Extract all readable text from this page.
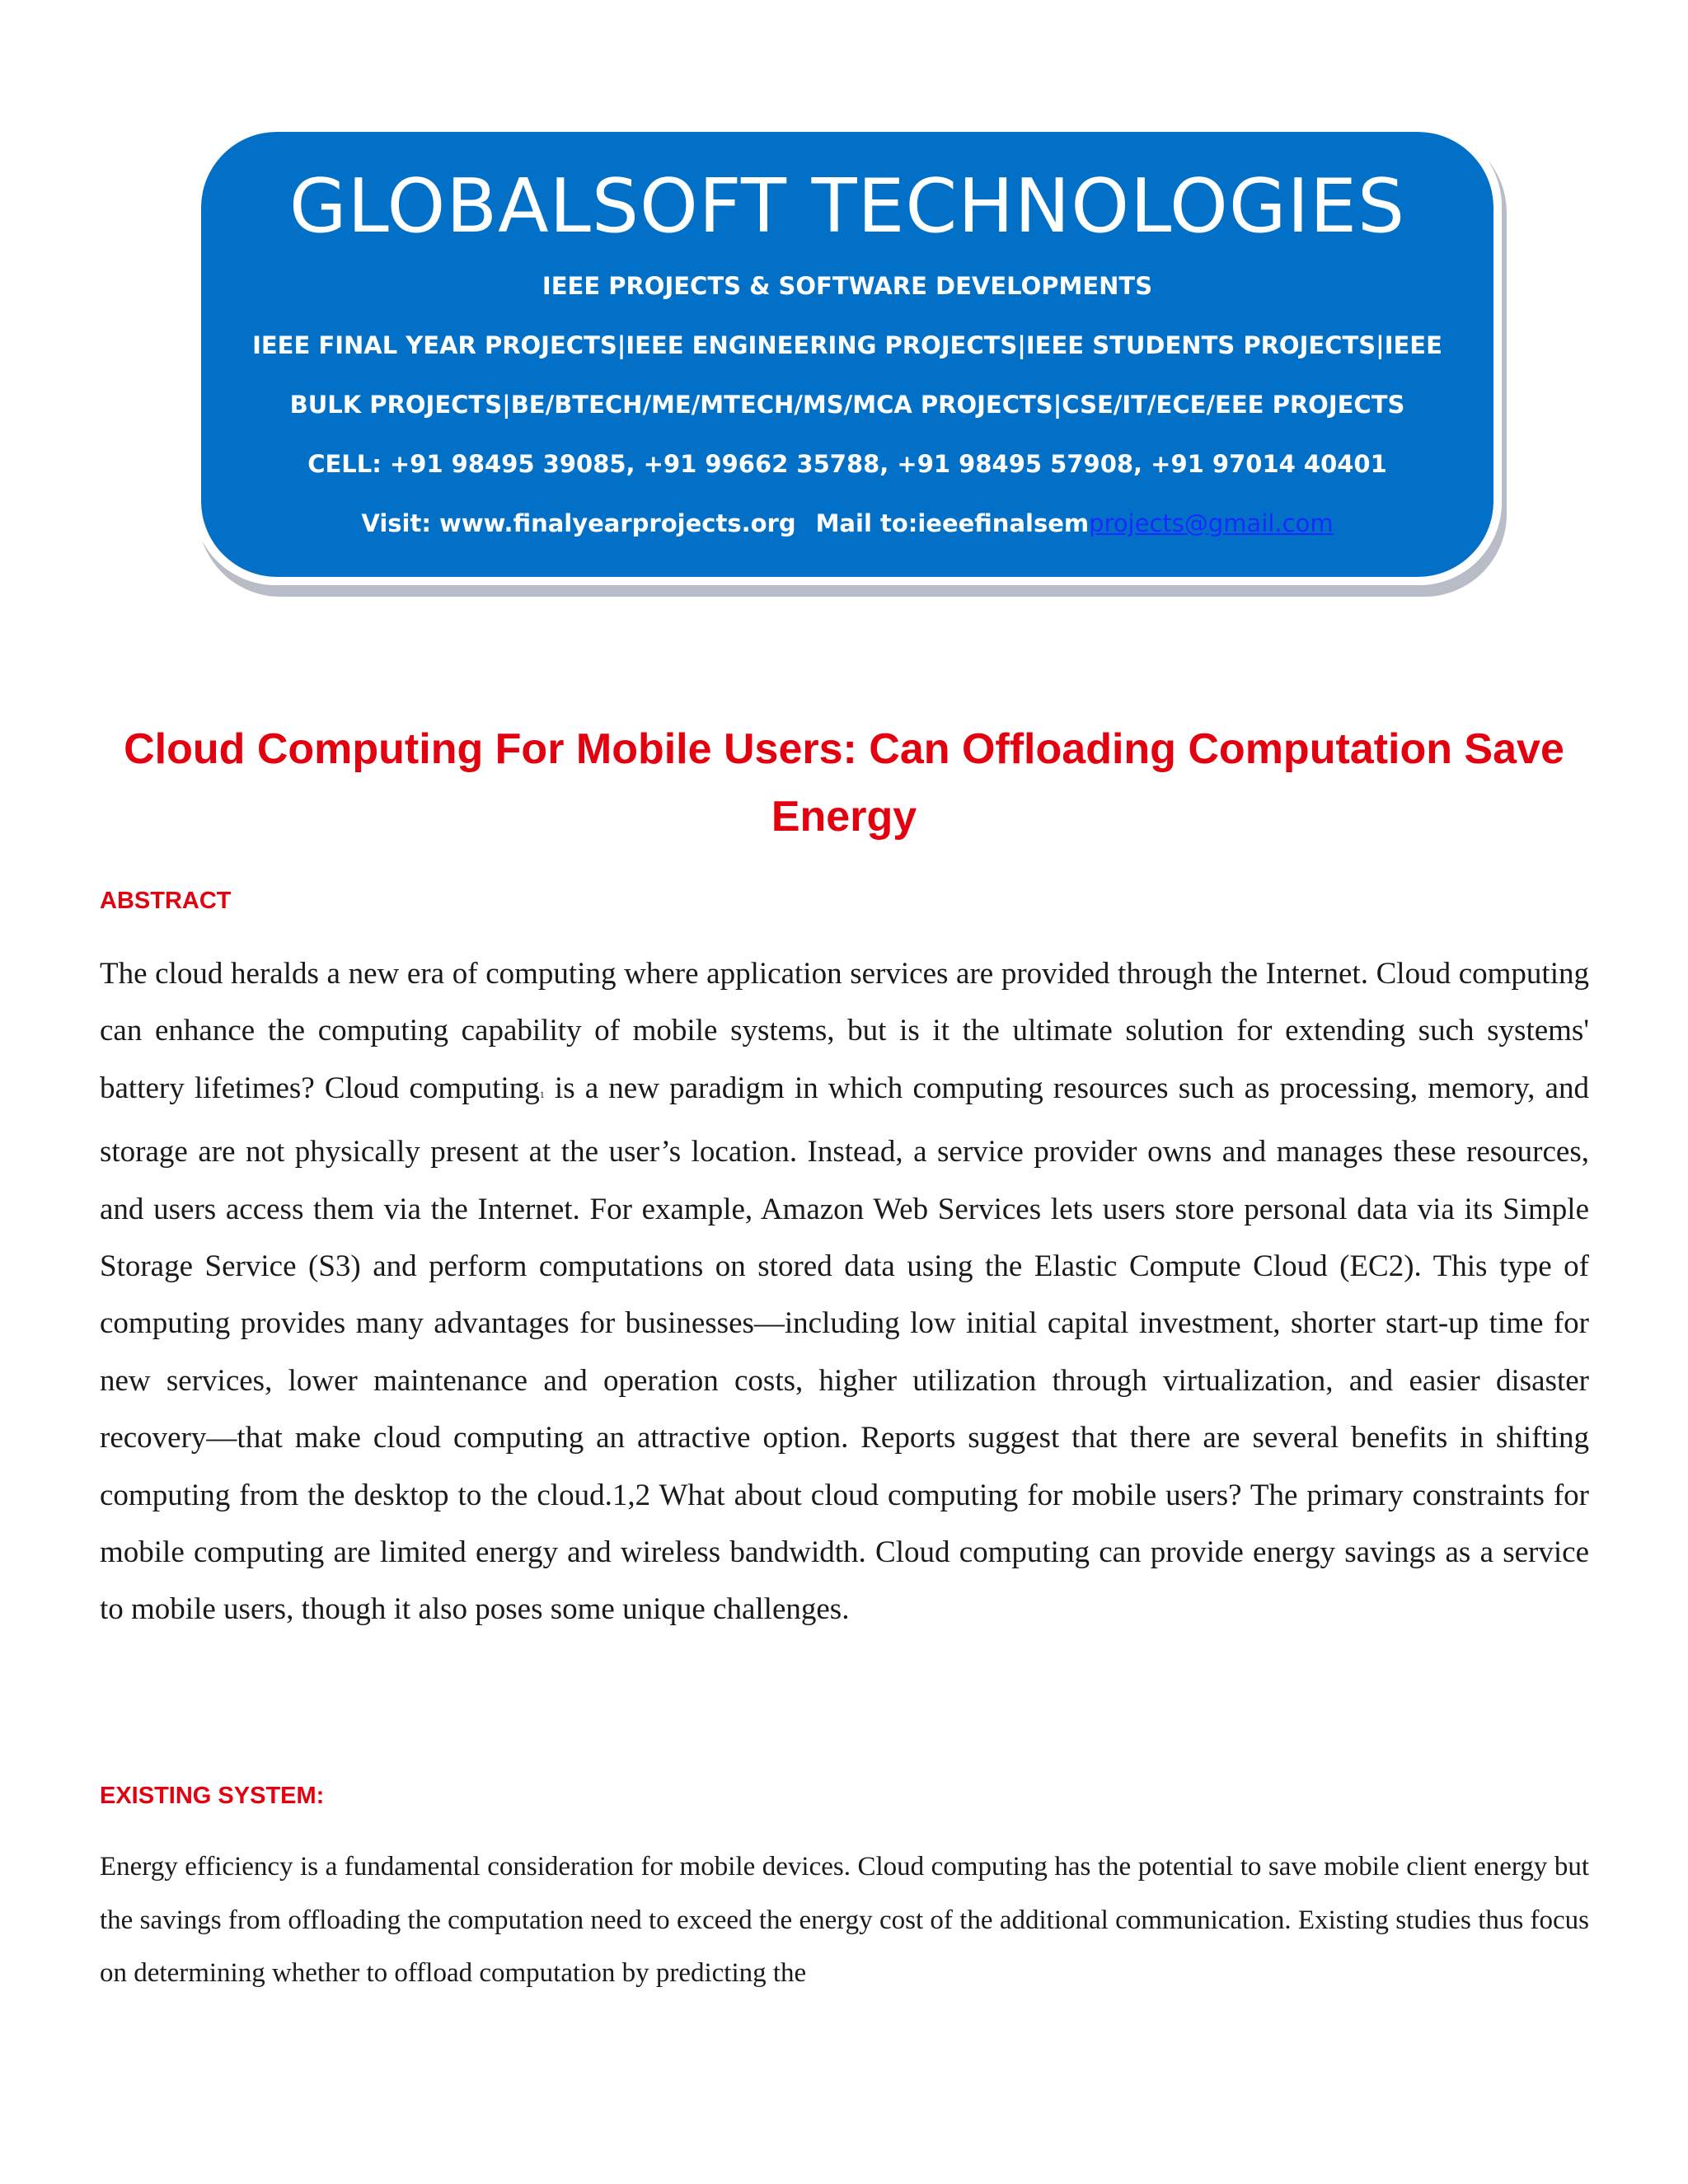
GLOBALSOFT TECHNOLOGIES
IEEE PROJECTS & SOFTWARE DEVELOPMENTS
IEEE FINAL YEAR PROJECTS|IEEE ENGINEERING PROJECTS|IEEE STUDENTS PROJECTS|IEEE
BULK PROJECTS|BE/BTECH/ME/MTECH/MS/MCA PROJECTS|CSE/IT/ECE/EEE PROJECTS
CELL: +91 98495 39085, +91 99662 35788, +91 98495 57908, +91 97014 40401
Visit: www.finalyearprojects.org Mail to:ieeefinalsemprojects@gmail.com
Cloud Computing For Mobile Users: Can Offloading Computation Save Energy
ABSTRACT
The cloud heralds a new era of computing where application services are provided through the Internet. Cloud computing can enhance the computing capability of mobile systems, but is it the ultimate solution for extending such systems' battery lifetimes? Cloud computing1 is a new paradigm in which computing resources such as processing, memory, and storage are not physically present at the user’s location. Instead, a service provider owns and manages these resources, and users access them via the Internet. For example, Amazon Web Services lets users store personal data via its Simple Storage Service (S3) and perform computations on stored data using the Elastic Compute Cloud (EC2). This type of computing provides many advantages for businesses—including low initial capital investment, shorter start-up time for new services, lower maintenance and operation costs, higher utilization through virtualization, and easier disaster recovery—that make cloud computing an attractive option. Reports suggest that there are several benefits in shifting computing from the desktop to the cloud.1,2 What about cloud computing for mobile users? The primary constraints for mobile computing are limited energy and wireless bandwidth. Cloud computing can provide energy savings as a service to mobile users, though it also poses some unique challenges.
EXISTING SYSTEM:
Energy efficiency is a fundamental consideration for mobile devices. Cloud computing has the potential to save mobile client energy but the savings from offloading the computation need to exceed the energy cost of the additional communication. Existing studies thus focus on determining whether to offload computation by predicting the
